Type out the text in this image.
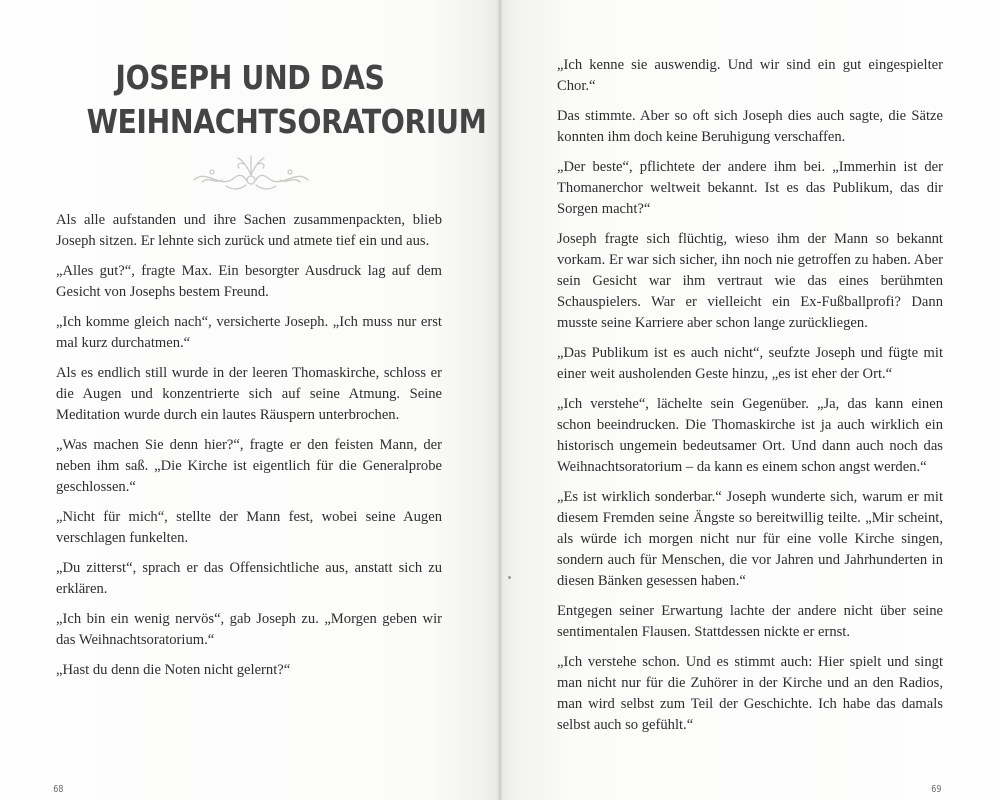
JOSEPH UND DAS
WEIHNACHTSORATORIUM

Als alle aufstanden und ihre Sachen zusammenpackten, blieb Joseph sitzen. Er lehnte sich zurück und atmete tief ein und aus.

„Alles gut?“, fragte Max. Ein besorgter Ausdruck lag auf dem Gesicht von Josephs bestem Freund.

„Ich komme gleich nach“, versicherte Joseph. „Ich muss nur erst mal kurz durchatmen.“

Als es endlich still wurde in der leeren Thomaskirche, schloss er die Augen und konzentrierte sich auf seine Atmung. Seine Meditation wurde durch ein lautes Räuspern unterbrochen.

„Was machen Sie denn hier?“, fragte er den feisten Mann, der neben ihm saß. „Die Kirche ist eigentlich für die Generalprobe geschlossen.“

„Nicht für mich“, stellte der Mann fest, wobei seine Augen verschlagen funkelten.

„Du zitterst“, sprach er das Offensichtliche aus, anstatt sich zu erklären.

„Ich bin ein wenig nervös“, gab Joseph zu. „Morgen geben wir das Weihnachtsoratorium.“

„Hast du denn die Noten nicht gelernt?“

68

„Ich kenne sie auswendig. Und wir sind ein gut eingespielter Chor.“

Das stimmte. Aber so oft sich Joseph dies auch sagte, die Sätze konnten ihm doch keine Beruhigung verschaffen.

„Der beste“, pflichtete der andere ihm bei. „Immerhin ist der Thomanerchor weltweit bekannt. Ist es das Publikum, das dir Sorgen macht?“

Joseph fragte sich flüchtig, wieso ihm der Mann so bekannt vorkam. Er war sich sicher, ihn noch nie getroffen zu haben. Aber sein Gesicht war ihm vertraut wie das eines berühmten Schauspielers. War er vielleicht ein Ex-Fußballprofi? Dann musste seine Karriere aber schon lange zurückliegen.

„Das Publikum ist es auch nicht“, seufzte Joseph und fügte mit einer weit ausholenden Geste hinzu, „es ist eher der Ort.“

„Ich verstehe“, lächelte sein Gegenüber. „Ja, das kann einen schon beeindrucken. Die Thomaskirche ist ja auch wirklich ein historisch ungemein bedeutsamer Ort. Und dann auch noch das Weihnachtsoratorium – da kann es einem schon angst werden.“

„Es ist wirklich sonderbar.“ Joseph wunderte sich, warum er mit diesem Fremden seine Ängste so bereitwillig teilte. „Mir scheint, als würde ich morgen nicht nur für eine volle Kirche singen, sondern auch für Menschen, die vor Jahren und Jahrhunderten in diesen Bänken gesessen haben.“

Entgegen seiner Erwartung lachte der andere nicht über seine sentimentalen Flausen. Stattdessen nickte er ernst.

„Ich verstehe schon. Und es stimmt auch: Hier spielt und singt man nicht nur für die Zuhörer in der Kirche und an den Radios, man wird selbst zum Teil der Geschichte. Ich habe das damals selbst auch so gefühlt.“

69
